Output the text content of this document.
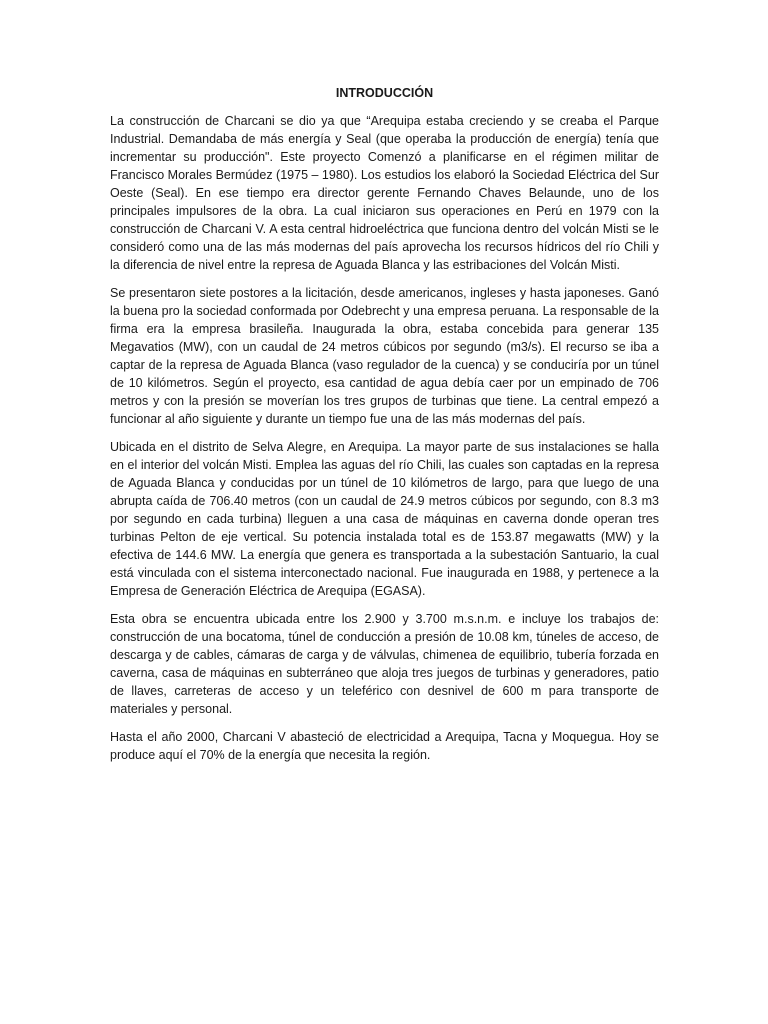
INTRODUCCIÓN

La construcción de Charcani se dio ya que “Arequipa estaba creciendo y se creaba el Parque Industrial. Demandaba de más energía y Seal (que operaba la producción de energía) tenía que incrementar su producción". Este proyecto Comenzó a planificarse en el régimen militar de Francisco Morales Bermúdez (1975 – 1980). Los estudios los elaboró la Sociedad Eléctrica del Sur Oeste (Seal). En ese tiempo era director gerente Fernando Chaves Belaunde, uno de los principales impulsores de la obra. La cual iniciaron sus operaciones en Perú en 1979 con la construcción de Charcani V. A esta central hidroeléctrica que funciona dentro del volcán Misti se le consideró como una de las más modernas del país aprovecha los recursos hídricos del río Chili y la diferencia de nivel entre la represa de Aguada Blanca y las estribaciones del Volcán Misti.

Se presentaron siete postores a la licitación, desde americanos, ingleses y hasta japoneses. Ganó la buena pro la sociedad conformada por Odebrecht y una empresa peruana. La responsable de la firma era la empresa brasileña. Inaugurada la obra, estaba concebida para generar 135 Megavatios (MW), con un caudal de 24 metros cúbicos por segundo (m3/s). El recurso se iba a captar de la represa de Aguada Blanca (vaso regulador de la cuenca) y se conduciría por un túnel de 10 kilómetros. Según el proyecto, esa cantidad de agua debía caer por un empinado de 706 metros y con la presión se moverían los tres grupos de turbinas que tiene. La central empezó a funcionar al año siguiente y durante un tiempo fue una de las más modernas del país.

Ubicada en el distrito de Selva Alegre, en Arequipa. La mayor parte de sus instalaciones se halla en el interior del volcán Misti. Emplea las aguas del río Chili, las cuales son captadas en la represa de Aguada Blanca y conducidas por un túnel de 10 kilómetros de largo, para que luego de una abrupta caída de 706.40 metros (con un caudal de 24.9 metros cúbicos por segundo, con 8.3 m3 por segundo en cada turbina) lleguen a una casa de máquinas en caverna donde operan tres turbinas Pelton de eje vertical. Su potencia instalada total es de 153.87 megawatts (MW) y la efectiva de 144.6 MW. La energía que genera es transportada a la subestación Santuario, la cual está vinculada con el sistema interconectado nacional. Fue inaugurada en 1988, y pertenece a la Empresa de Generación Eléctrica de Arequipa (EGASA).

Esta obra se encuentra ubicada entre los 2.900 y 3.700 m.s.n.m. e incluye los trabajos de: construcción de una bocatoma, túnel de conducción a presión de 10.08 km, túneles de acceso, de descarga y de cables, cámaras de carga y de válvulas, chimenea de equilibrio, tubería forzada en caverna, casa de máquinas en subterráneo que aloja tres juegos de turbinas y generadores, patio de llaves, carreteras de acceso y un teleférico con desnivel de 600 m para transporte de materiales y personal.

Hasta el año 2000, Charcani V abasteció de electricidad a Arequipa, Tacna y Moquegua. Hoy se produce aquí el 70% de la energía que necesita la región.
